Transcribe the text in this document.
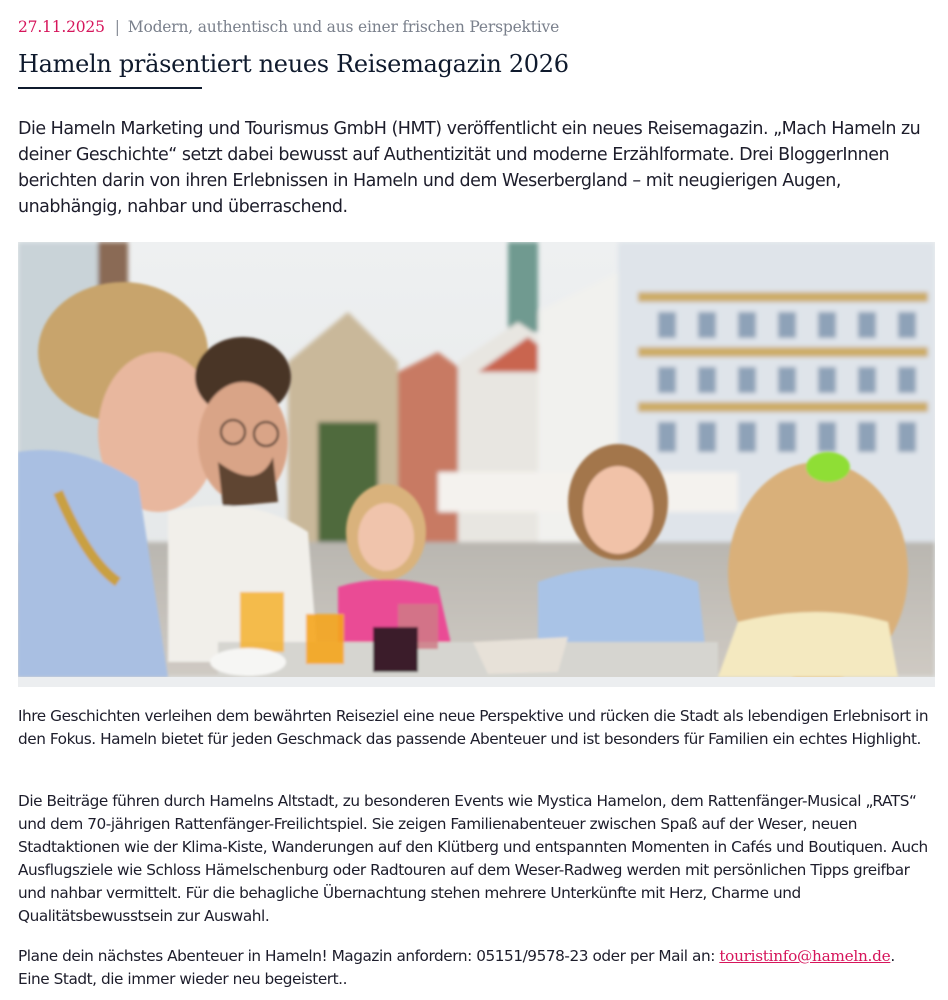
27.11.2025 | Modern, authentisch und aus einer frischen Perspektive
Hameln präsentiert neues Reisemagazin 2026

Die Hameln Marketing und Tourismus GmbH (HMT) veröffentlicht ein neues Reisemagazin. „Mach Hameln zu deiner Geschichte“ setzt dabei bewusst auf Authentizität und moderne Erzählformate. Drei BloggerInnen berichten darin von ihren Erlebnissen in Hameln und dem Weserbergland – mit neugierigen Augen, unabhängig, nahbar und überraschend.

Ihre Geschichten verleihen dem bewährten Reiseziel eine neue Perspektive und rücken die Stadt als lebendigen Erlebnisort in den Fokus. Hameln bietet für jeden Geschmack das passende Abenteuer und ist besonders für Familien ein echtes Highlight.

Die Beiträge führen durch Hamelns Altstadt, zu besonderen Events wie Mystica Hamelon, dem Rattenfänger-Musical „RATS“ und dem 70-jährigen Rattenfänger-Freilichtspiel. Sie zeigen Familienabenteuer zwischen Spaß auf der Weser, neuen Stadtaktionen wie der Klima-Kiste, Wanderungen auf den Klütberg und entspannten Momenten in Cafés und Boutiquen. Auch Ausflugsziele wie Schloss Hämelschenburg oder Radtouren auf dem Weser-Radweg werden mit persönlichen Tipps greifbar und nahbar vermittelt. Für die behagliche Übernachtung stehen mehrere Unterkünfte mit Herz, Charme und Qualitätsbewusstsein zur Auswahl.

Plane dein nächstes Abenteuer in Hameln! Magazin anfordern: 05151/9578-23 oder per Mail an: touristinfo@hameln.de.
Eine Stadt, die immer wieder neu begeistert..
